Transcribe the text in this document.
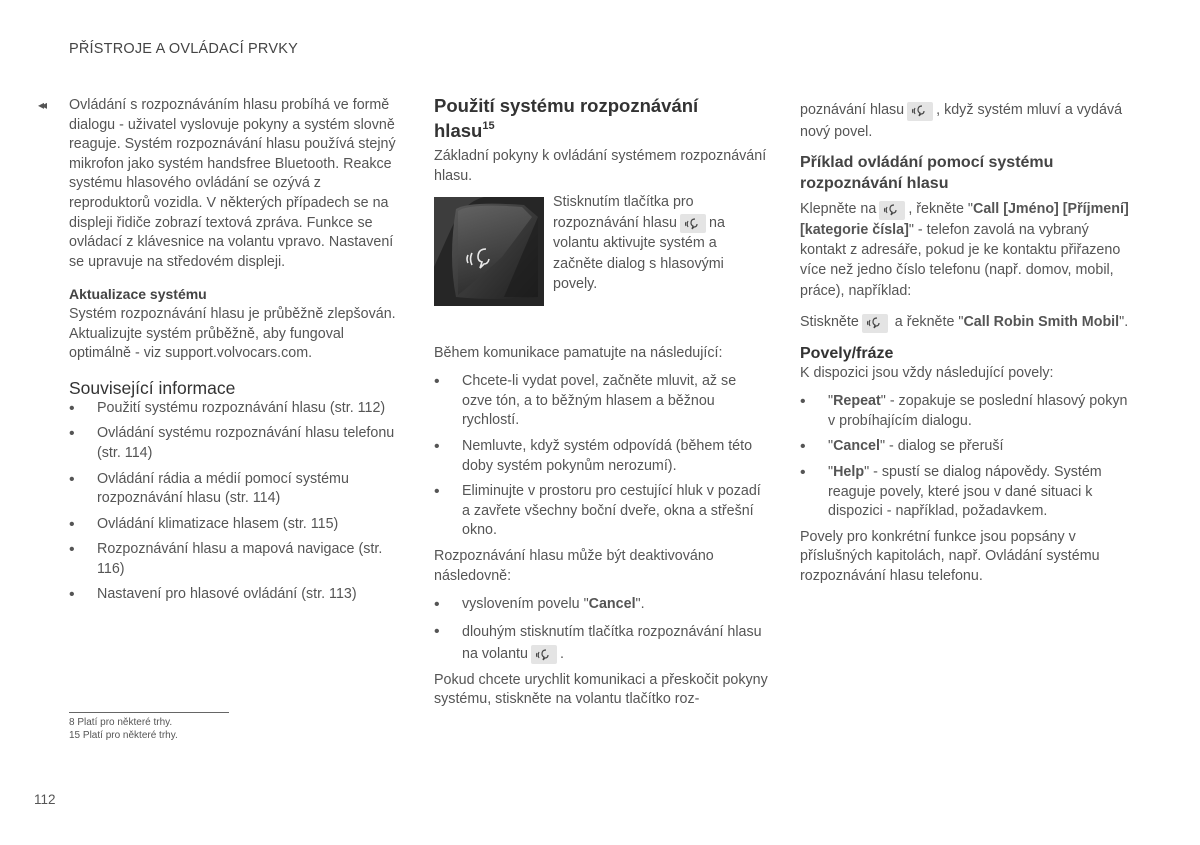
PŘÍSTROJE A OVLÁDACÍ PRVKY
◂◂ Ovládání s rozpoznáváním hlasu probíhá ve formě dialogu - uživatel vyslovuje pokyny a systém slovně reaguje. Systém rozpoznávání hlasu používá stejný mikrofon jako systém handsfree Bluetooth. Reakce systému hlasového ovládání se ozývá z reproduktorů vozidla. V některých případech se na displeji řidiče zobrazí textová zpráva. Funkce se ovládací z klávesnice na volantu vpravo. Nastavení se upravuje na středovém displeji.

Aktualizace systému

Systém rozpoznávání hlasu je průběžně zlepšován. Aktualizujte systém průběžně, aby fungoval optimálně - viz support.volvocars.com.

Související informace
• Použití systému rozpoznávání hlasu (str. 112)
• Ovládání systému rozpoznávání hlasu telefonu (str. 114)
• Ovládání rádia a médií pomocí systému rozpoznávání hlasu (str. 114)
• Ovládání klimatizace hlasem (str. 115)
• Rozpoznávání hlasu a mapová navigace (str. 116)
• Nastavení pro hlasové ovládání (str. 113)
Použití systému rozpoznávání hlasu$^{15}$

Základní pokyny k ovládání systémem rozpoznávání hlasu.

Stisknutím tlačítka pro rozpoznávání hlasu na volantu aktivujte systém a začněte dialog s hlasovými povely.

Během komunikace pamatujte na následující:

• Chcete-li vydat povel, začněte mluvit, až se ozve tón, a to běžným hlasem a běžnou rychlostí.
• Nemluvte, když systém odpovídá (během této doby systém pokynům nerozumí).
• Eliminujte v prostoru pro cestující hluk v pozadí a zavřete všechny boční dveře, okna a střešní okno.

Rozpoznávání hlasu může být deaktivováno následovně:

• vyslovením povelu "Cancel".
• dlouhým stisknutím tlačítka rozpoznávání hlasu na volantu .

Pokud chcete urychlit komunikaci a přeskočit pokyny systému, stiskněte na volantu tlačítko roz-

poznávání hlasu , když systém mluví a vydává nový povel.

Příklad ovládání pomocí systému rozpoznávání hlasu

Klepněte na , řekněte "Call [Jméno] [Příjmení] [kategorie čísla]" - telefon zavolá na vybraný kontakt z adresáře, pokud je ke kontaktu přiřazeno více než jedno číslo telefonu (např. domov, mobil, práce), například:

Stiskněte
a řekněte "Call Robin Smith Mobil".

Povely/fráze

K dispozici jsou vždy následující povely:

• "Repeat" - zopakuje se poslední hlasový pokyn v probíhajícím dialogu.
• "Cancel" - dialog se přeruší
• "Help" - spustí se dialog nápovědy. Systém reaguje povely, které jsou v dané situaci k dispozici - například, požadavkem.

Povely pro konkrétní funkce jsou popsány v příslušných kapitolách, např. Ovládání systému rozpoznávání hlasu telefonu.

8 Platí pro některé trhy.
15 Platí pro některé trhy.
112
